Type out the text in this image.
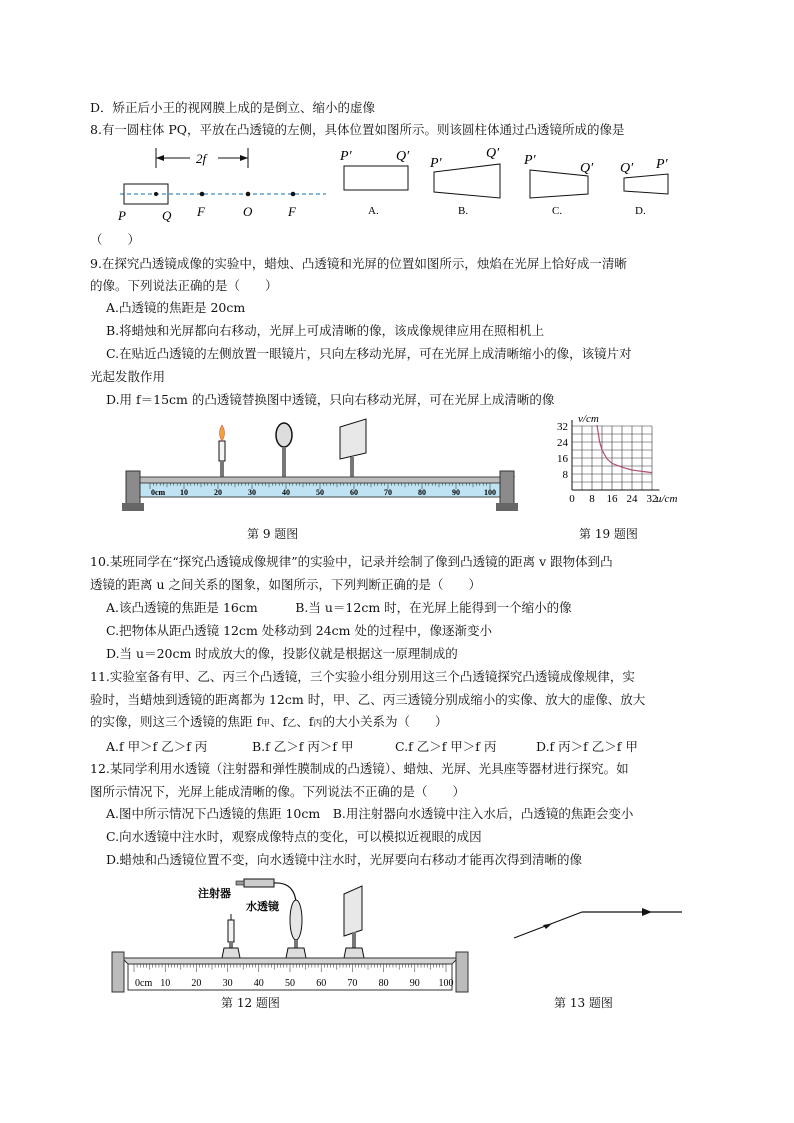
D．矫正后小王的视网膜上成的是倒立、缩小的虚像
8.有一圆柱体 PQ，平放在凸透镜的左侧，具体位置如图所示。则该圆柱体通过凸透镜所成的像是
2f
P	Q F	O	F
P′	Q′
A.
P′
Q′
B.
P′
Q′
C.
Q′ P′
D.
（　　）
9.在探究凸透镜成像的实验中，蜡烛、凸透镜和光屏的位置如图所示，烛焰在光屏上恰好成一清晰
的像。下列说法正确的是（　　）
A.凸透镜的焦距是 20cm
B.将蜡烛和光屏都向右移动，光屏上可成清晰的像，该成像规律应用在照相机上
C.在贴近凸透镜的左侧放置一眼镜片，只向左移动光屏，可在光屏上成清晰缩小的像，该镜片对
光起发散作用
D.用 f＝15cm 的凸透镜替换图中透镜，只向右移动光屏，可在光屏上成清晰的像
0cm 10	20	30	40	50	60	70	80	90	100
第 9 题图
0 8 16 24 32
8
16
24
32
v/cm
u/cm
第 19 题图
10.某班同学在“探究凸透镜成像规律”的实验中，记录并绘制了像到凸透镜的距离 v 跟物体到凸
透镜的距离 u 之间关系的图象，如图所示，下列判断正确的是（　　）
A.该凸透镜的焦距是 16cm　　　B.当 u＝12cm 时，在光屏上能得到一个缩小的像
C.把物体从距凸透镜 12cm 处移动到 24cm 处的过程中，像逐渐变小
D.当 u＝20cm 时成放大的像，投影仪就是根据这一原理制成的
11.实验室备有甲、乙、丙三个凸透镜，三个实验小组分别用这三个凸透镜探究凸透镜成像规律，实
验时，当蜡烛到透镜的距离都为 12cm 时，甲、乙、丙三透镜分别成缩小的实像、放大的虚像、放大
的实像，则这三个透镜的焦距 f甲、f乙、f丙的大小关系为（　　）
A.f 甲＞f 乙＞f 丙	B.f 乙＞f 丙＞f 甲	C.f 乙＞f 甲＞f 丙	D.f 丙＞f 乙＞f 甲
12.某同学利用水透镜（注射器和弹性膜制成的凸透镜）、蜡烛、光屏、光具座等器材进行探究。如
图所示情况下，光屏上能成清晰的像。下列说法不正确的是（　　）
A.图中所示情况下凸透镜的焦距 10cm　B.用注射器向水透镜中注入水后，凸透镜的焦距会变小
C.向水透镜中注水时，观察成像特点的变化，可以模拟近视眼的成因
D.蜡烛和凸透镜位置不变，向水透镜中注水时，光屏要向右移动才能再次得到清晰的像
注射器
水透镜
0cm 10 20 30 40 50 60 70 80 90 100
第 12 题图	第 13 题图
